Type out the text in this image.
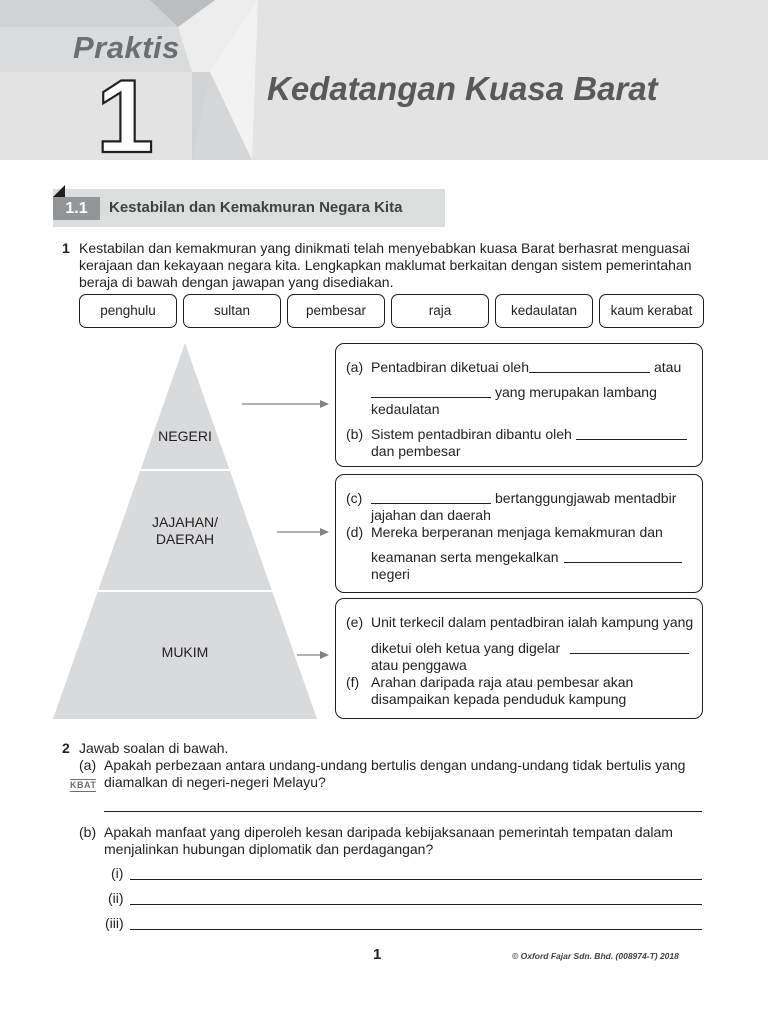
Praktis
1	Kedatangan Kuasa Barat
1.1	Kestabilan dan Kemakmuran Negara Kita
1 Kestabilan dan kemakmuran yang dinikmati telah menyebabkan kuasa Barat berhasrat menguasai
kerajaan dan kekayaan negara kita. Lengkapkan maklumat berkaitan dengan sistem pemerintahan
beraja di bawah dengan jawapan yang disediakan.
penghulu	sultan	pembesar	raja	kedaulatan	kaum kerabat
NEGERI
JAJAHAN/
DAERAH
MUKIM
(a) Pentadbiran diketuai oleh	atau
yang merupakan lambang
kedaulatan
(b) Sistem pentadbiran dibantu oleh
dan pembesar
(c)	bertanggungjawab mentadbir
jajahan dan daerah
(d) Mereka berperanan menjaga kemakmuran dan
keamanan serta mengekalkan
negeri
(e) Unit terkecil dalam pentadbiran ialah kampung yang
diketui oleh ketua yang digelar
atau penggawa
(f) Arahan daripada raja atau pembesar akan
disampaikan kepada penduduk kampung
2 Jawab soalan di bawah.
(a) Apakah perbezaan antara undang-undang bertulis dengan undang-undang tidak bertulis yang
diamalkan di negeri-negeri Melayu?
KBAT
(b) Apakah manfaat yang diperoleh kesan daripada kebijaksanaan pemerintah tempatan dalam
menjalinkan hubungan diplomatik dan perdagangan?
(i)
(ii)
(iii)
1	© Oxford Fajar Sdn. Bhd. (008974-T) 2018
